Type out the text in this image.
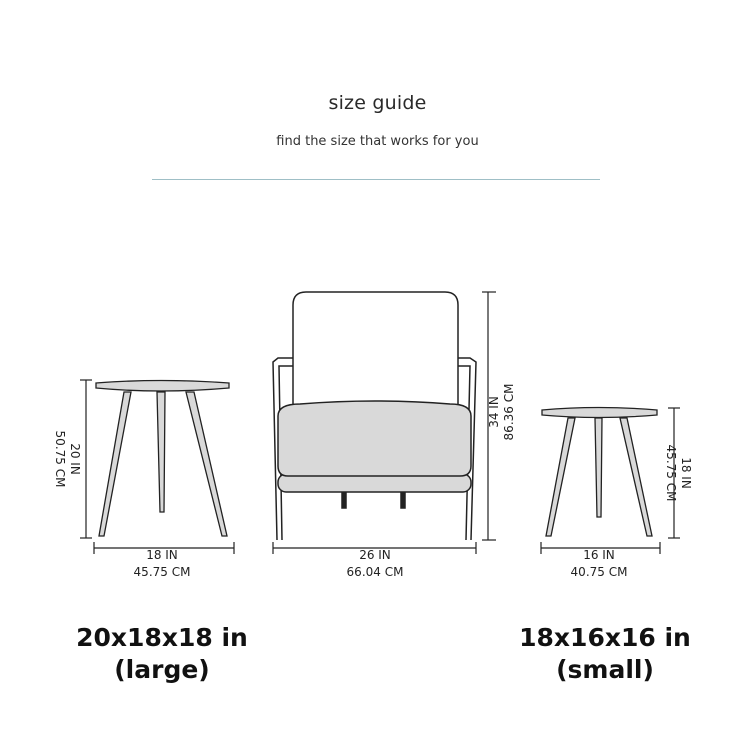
size guide
find the size that works for you
20 IN
50.75 CM
18 IN
45.75 CM
34 IN 86.36 CM
26 IN
66.04 CM
18 IN
45.75 CM
16 IN
40.75 CM
20x18x18 in
(large)
18x16x16 in
(small)
